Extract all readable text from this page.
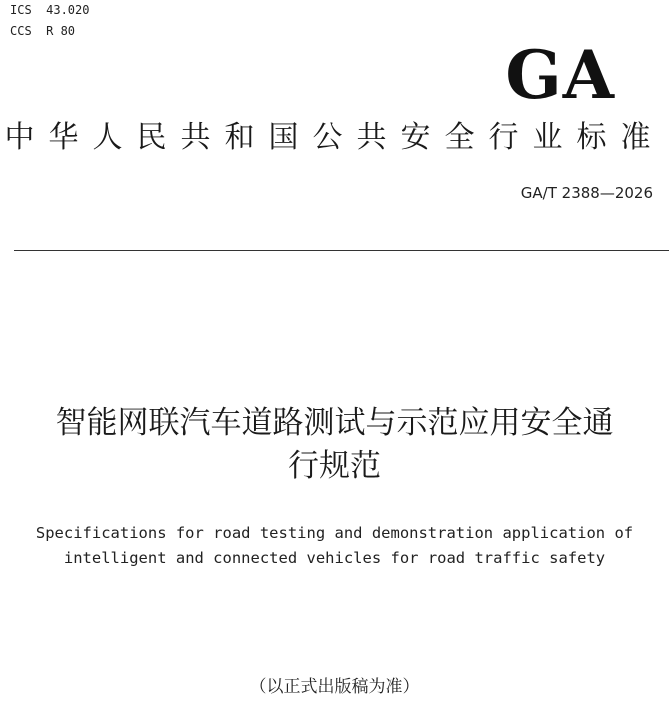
ICS  43.020
CCS  R 80
GA
中华人民共和国公共安全行业标准
GA/T 2388—2026
智能网联汽车道路测试与示范应用安全通
行规范
Specifications for road testing and demonstration application of
intelligent and connected vehicles for road traffic safety
（以正式出版稿为准）
